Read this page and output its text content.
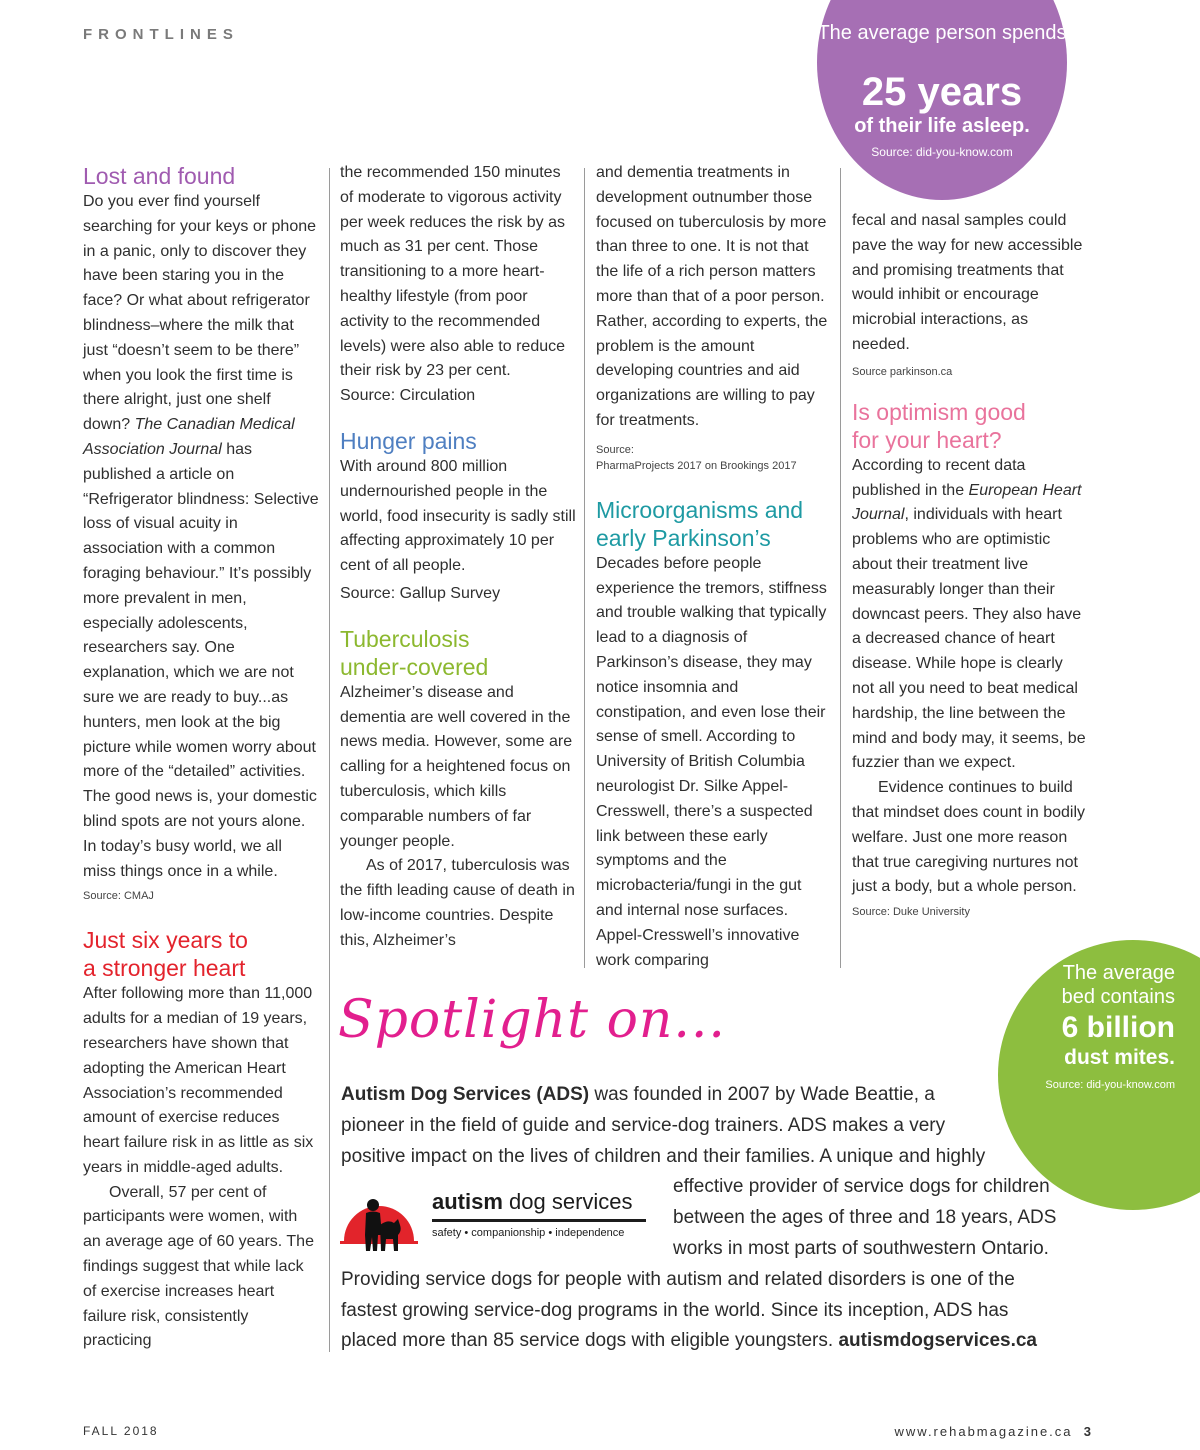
FRONTLINES	The average person spends
25 years
of their life asleep.
Source: did-you-know.com
Lost and found

Do you ever find yourself searching for your keys or phone in a panic, only to discover they have been staring you in the face? Or what about refrigerator blindness–where the milk that just “doesn’t seem to be there” when you look the first time is there alright, just one shelf down? The Canadian Medical Association Journal has published a article on “Refrigerator blindness: Selective loss of visual acuity in association with a common foraging behaviour.” It’s possibly more prevalent in men, especially adolescents, researchers say. One explanation, which we are not sure we are ready to buy...as hunters, men look at the big picture while women worry about more of the “detailed” activities. The good news is, your domestic blind spots are not yours alone. In today’s busy world, we all miss things once in a while.

Source: CMAJ

Just six years to
a stronger heart

After following more than 11,000 adults for a median of 19 years, researchers have shown that adopting the American Heart Association’s recommended amount of exercise reduces heart failure risk in as little as six years in middle-aged adults.

Overall, 57 per cent of participants were women, with an average age of 60 years. The findings suggest that while lack of exercise increases heart failure risk, consistently practicing

the recommended 150 minutes of moderate to vigorous activity per week reduces the risk by as much as 31 per cent. Those transitioning to a more heart-healthy lifestyle (from poor activity to the recommended levels) were also able to reduce their risk by 23 per cent.

Source: Circulation

Hunger pains

With around 800 million undernourished people in the world, food insecurity is sadly still affecting approximately 10 per cent of all people.

Source: Gallup Survey

Tuberculosis
under-covered

Alzheimer’s disease and dementia are well covered in the news media. However, some are calling for a heightened focus on tuberculosis, which kills comparable numbers of far younger people.

As of 2017, tuberculosis was the fifth leading cause of death in low-income countries. Despite this, Alzheimer’s

and dementia treatments in development outnumber those focused on tuberculosis by more than three to one. It is not that the life of a rich person matters more than that of a poor person. Rather, according to experts, the problem is the amount developing countries and aid organizations are willing to pay for treatments.

Source:
PharmaProjects 2017 on Brookings 2017

Microorganisms and
early Parkinson’s

Decades before people experience the tremors, stiffness and trouble walking that typically lead to a diagnosis of Parkinson’s disease, they may notice insomnia and constipation, and even lose their sense of smell. According to University of British Columbia neurologist Dr. Silke Appel-Cresswell, there’s a suspected link between these early symptoms and the microbacteria/fungi in the gut and internal nose surfaces. Appel-Cresswell’s innovative work comparing

fecal and nasal samples could pave the way for new accessible and promising treatments that would inhibit or encourage microbial interactions, as needed.

Source parkinson.ca

Is optimism good
for your heart?

According to recent data published in the European Heart Journal, individuals with heart problems who are optimistic about their treatment live measurably longer than their downcast peers. They also have a decreased chance of heart disease. While hope is clearly not all you need to beat medical hardship, the line between the mind and body may, it seems, be fuzzier than we expect.

Evidence continues to build that mindset does count in bodily welfare. Just one more reason that true caregiving nurtures not just a body, but a whole person.

Source: Duke University

The average
bed contains
6 billion
dust mites.
Source: did-you-know.com
Spotlight on...
Autism Dog Services (ADS) was founded in 2007 by Wade Beattie, a
pioneer in the field of guide and service-dog trainers. ADS makes a very
positive impact on the lives of children and their families. A unique and highly
effective provider of service dogs for children
between the ages of three and 18 years, ADS
works in most parts of southwestern Ontario.
Providing service dogs for people with autism and related disorders is one of the
fastest growing service-dog programs in the world. Since its inception, ADS has
placed more than 85 service dogs with eligible youngsters. autismdogservices.ca
autism dog services
safety • companionship • independence
FALL 2018	www.rehabmagazine.ca 3
